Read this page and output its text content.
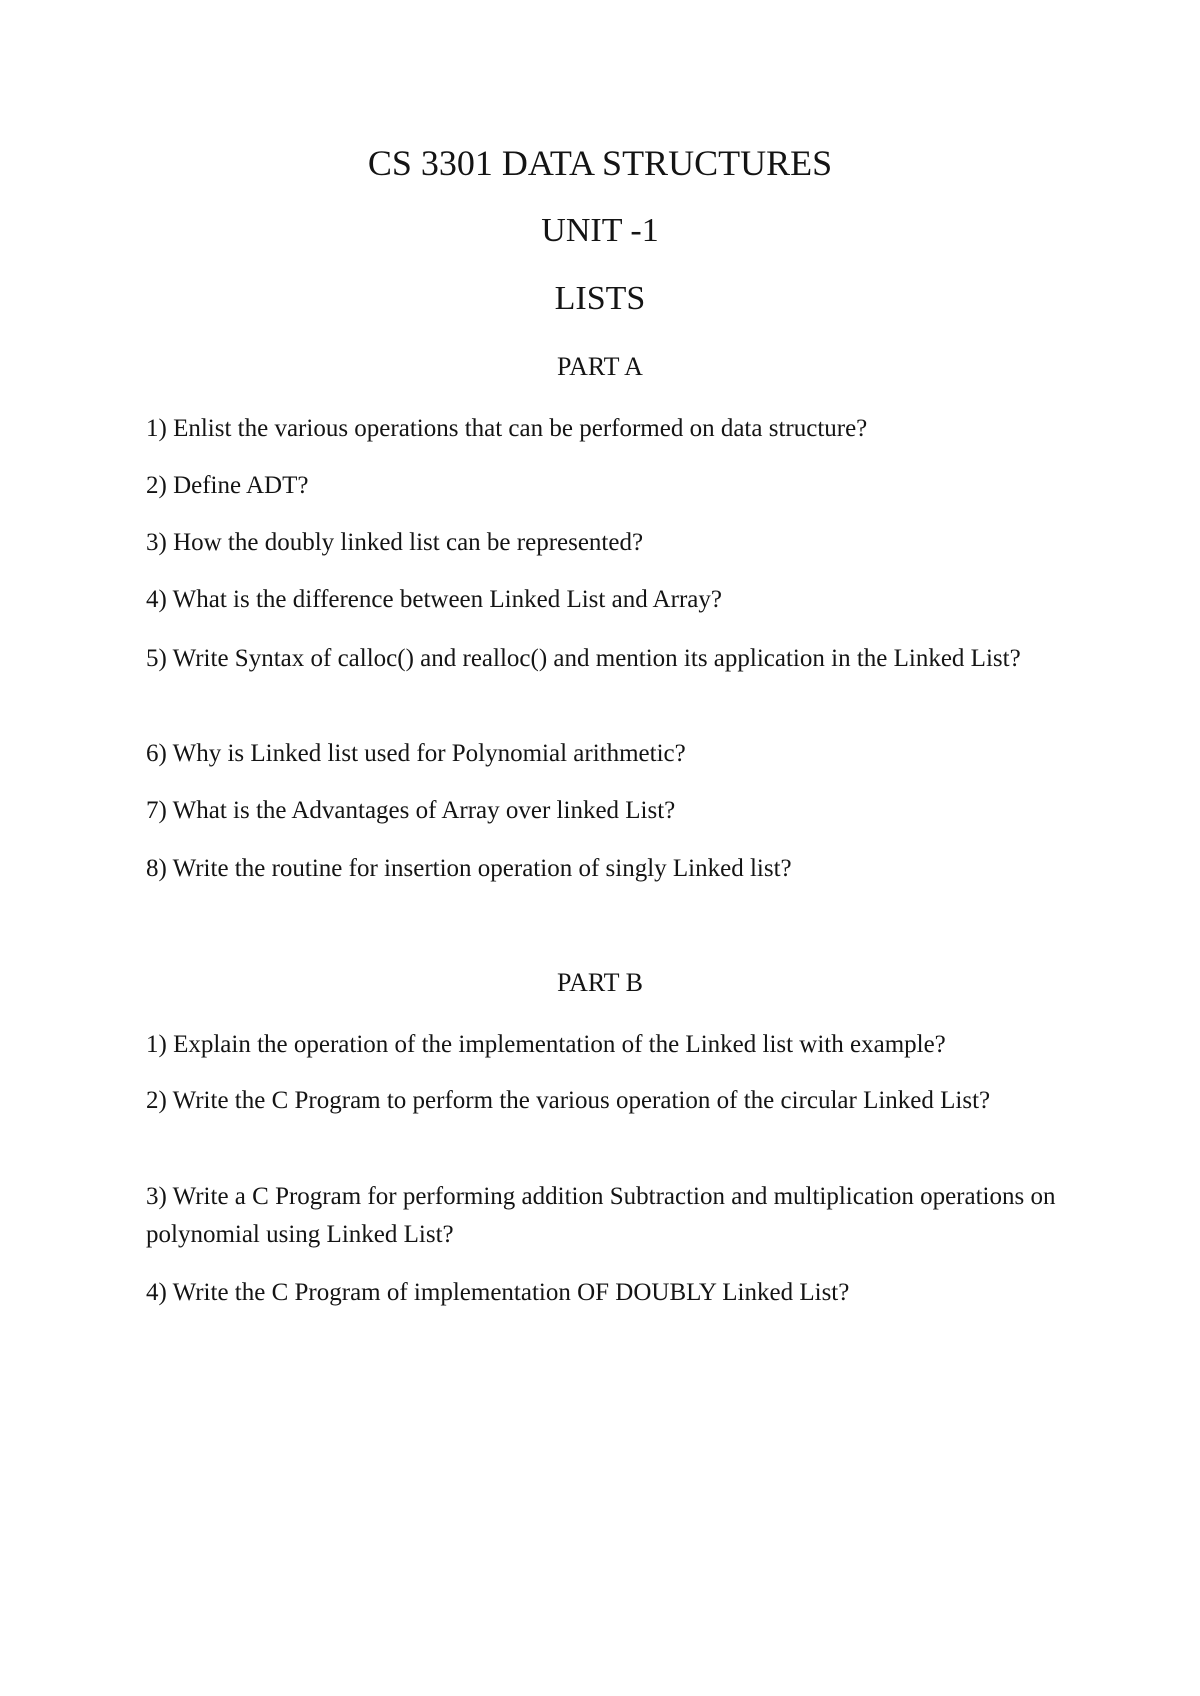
CS 3301 DATA STRUCTURES
UNIT -1
LISTS
PART A

1) Enlist the various operations that can be performed on data structure?

2) Define ADT?

3) How the doubly linked list can be represented?

4) What is the difference between Linked List and Array?

5) Write Syntax of calloc() and realloc() and mention its application in the Linked List?

6) Why is Linked list used for Polynomial arithmetic?

7) What is the Advantages of Array over linked List?

8) Write the routine for insertion operation of singly Linked list?

PART B

1) Explain the operation of the implementation of the Linked list with example?

2) Write the C Program to perform the various operation of the circular Linked List?

3) Write a C Program for performing addition Subtraction and multiplication operations on polynomial using Linked List?

4) Write the C Program of implementation OF DOUBLY Linked List?
